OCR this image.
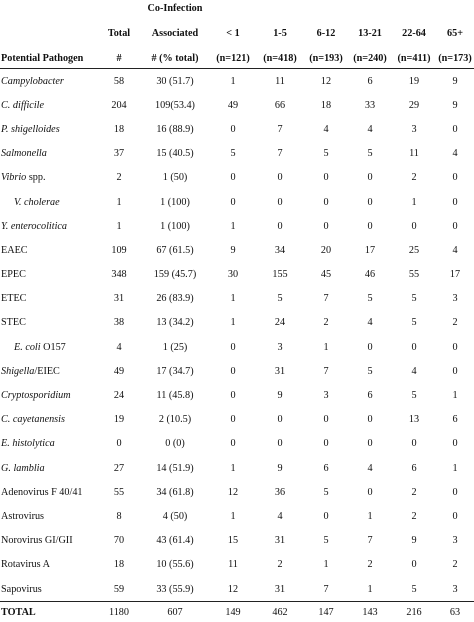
		Co-Infection						
	Total	Associated	< 1	1-5	6-12	13-21	22-64	65+
Potential Pathogen	#	# (% total)	(n=121)	(n=418)	(n=193)	(n=240)	(n=411)	(n=173)
Campylobacter	58	30 (51.7)	1	11	12	6	19	9
C. difficile	204	109(53.4)	49	66	18	33	29	9
P. shigelloides	18	16 (88.9)	0	7	4	4	3	0
Salmonella	37	15 (40.5)	5	7	5	5	11	4
Vibrio spp.	2	1 (50)	0	0	0	0	2	0
V. cholerae	1	1 (100)	0	0	0	0	1	0
Y. enterocolitica	1	1 (100)	1	0	0	0	0	0
EAEC	109	67 (61.5)	9	34	20	17	25	4
EPEC	348	159 (45.7)	30	155	45	46	55	17
ETEC	31	26 (83.9)	1	5	7	5	5	3
STEC	38	13 (34.2)	1	24	2	4	5	2
E. coli O157	4	1 (25)	0	3	1	0	0	0
Shigella/EIEC	49	17 (34.7)	0	31	7	5	4	0
Cryptosporidium	24	11 (45.8)	0	9	3	6	5	1
C. cayetanensis	19	2 (10.5)	0	0	0	0	13	6
E. histolytica	0	0 (0)	0	0	0	0	0	0
G. lamblia	27	14 (51.9)	1	9	6	4	6	1
Adenovirus F 40/41	55	34 (61.8)	12	36	5	0	2	0
Astrovirus	8	4 (50)	1	4	0	1	2	0
Norovirus GI/GII	70	43 (61.4)	15	31	5	7	9	3
Rotavirus A	18	10 (55.6)	11	2	1	2	0	2
Sapovirus	59	33 (55.9)	12	31	7	1	5	3
TOTAL	1180	607	149	462	147	143	216	63
